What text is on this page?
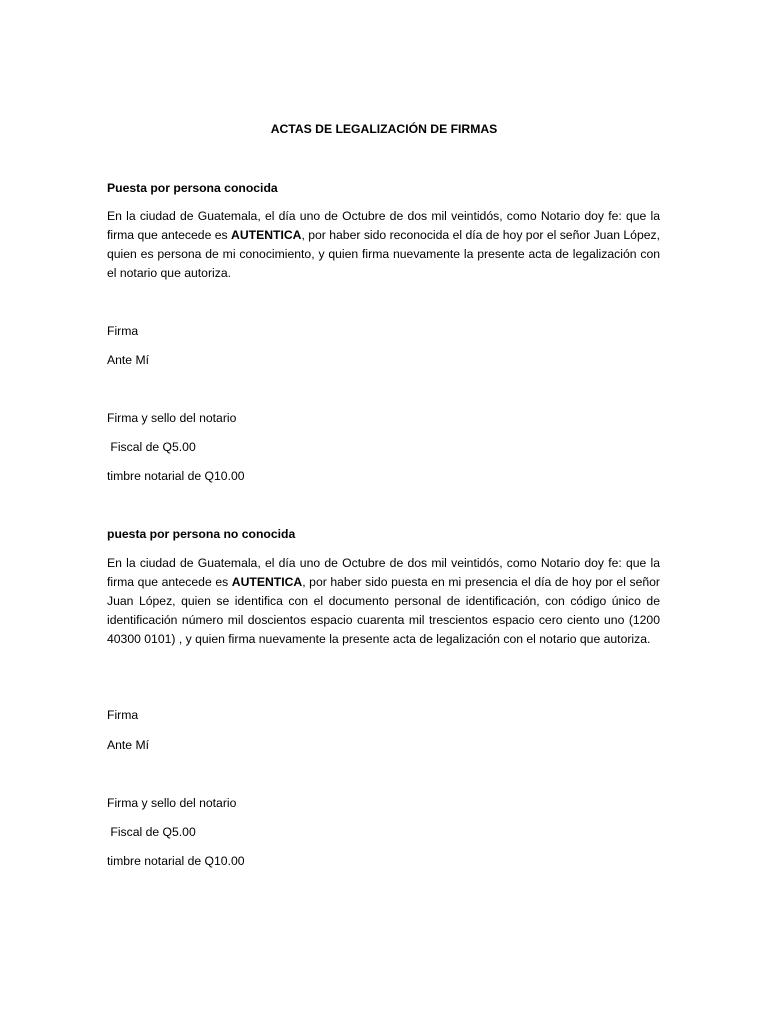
ACTAS DE LEGALIZACIÓN DE FIRMAS
Puesta por persona conocida
En la ciudad de Guatemala, el día uno de Octubre de dos mil veintidós, como Notario doy fe: que la firma que antecede es AUTENTICA, por haber sido reconocida el día de hoy por el señor Juan López, quien es persona de mi conocimiento, y quien firma nuevamente la presente acta de legalización con el notario que autoriza.
Firma
Ante Mí
Firma y sello del notario
Fiscal de Q5.00
timbre notarial de Q10.00
puesta por persona no conocida
En la ciudad de Guatemala, el día uno de Octubre de dos mil veintidós, como Notario doy fe: que la firma que antecede es AUTENTICA, por haber sido puesta en mi presencia el día de hoy por el señor Juan López, quien se identifica con el documento personal de identificación, con código único de identificación número mil doscientos espacio cuarenta mil trescientos espacio cero ciento uno (1200 40300 0101) , y quien firma nuevamente la presente acta de legalización con el notario que autoriza.
Firma
Ante Mí
Firma y sello del notario
Fiscal de Q5.00
timbre notarial de Q10.00
